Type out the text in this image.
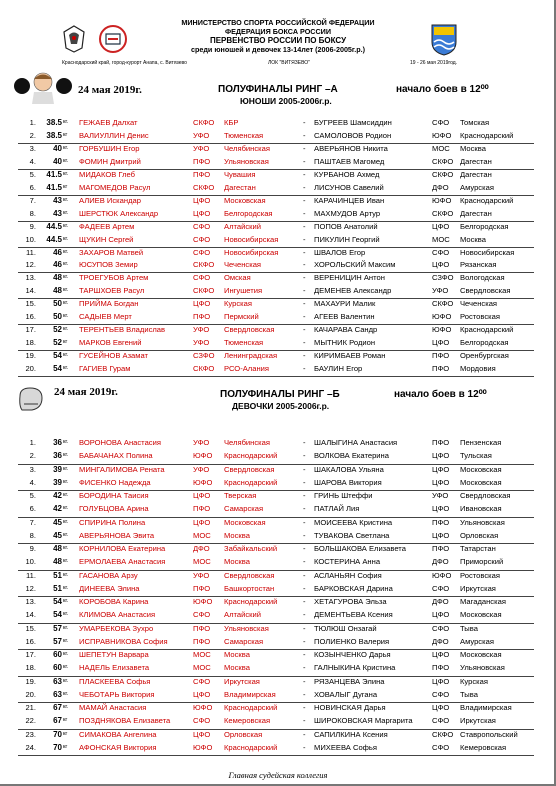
МИНИСТЕРСТВО СПОРТА РОССИЙСКОЙ ФЕДЕРАЦИИ
ФЕДЕРАЦИЯ БОКСА РОССИИ
ПЕРВЕНСТВО РОССИИ ПО БОКСУ
среди юношей и девочек 13-14лет (2006-2005г.р.)
Краснодарский край, город-курорт Анапа, с. Витязево	ЛОК "ВИТЯЗЕВО"	19 - 26 мая 2019год.
24 мая 2019г.	ПОЛУФИНАЛЫ РИНГ –А
ЮНОШИ 2005-2006г.р.
начало боев в 12⁰⁰
1.	38.5 кг.	ГЕЖАЕВ Далхат	СКФО	КБР	БУГРЕЕВ Шамсиддин	СФО	Томская
-
2.	38.5 кг	ВАЛИУЛЛИН Денис	УФО	Тюменская	САМОЛОВОВ Родион	ЮФО	Краснодарский
-
3.	40 кг.	ГОРБУШИН Егор	УФО	Челябинская	АВЕРЬЯНОВ Никита	МОС	Москва
-
4.	40 кг.	ФОМИН Дмитрий	ПФО	Ульяновская	ПАШТАЕВ Магомед	СКФО Дагестан
-
5.	41.5 кг.	МИДАКОВ Глеб	ПФО	Чувашия	КУРБАНОВ Ахмед	СКФО Дагестан
-
6.	41.5 кг	МАГОМЕДОВ Расул	СКФО	Дагестан	ЛИСУНОВ Савелий	ДФО	Амурская
-
7.	43 кг.	АЛИЕВ Искандар	ЦФО	Московская	КАРАЧИНЦЕВ Иван	ЮФО	Краснодарский
-
8.	43 кг.	ШЕРСТЮК Александр	ЦФО	Белгородская	МАХМУДОВ Артур	СКФО Дагестан
-
9.	44.5 кг.	ФАДЕЕВ Артем	СФО	Алтайский	ПОПОВ Анатолий	ЦФО	Белгородская
-
10.	44.5 кг.	ЩУКИН Сергей	СФО	Новосибирская	ПИКУЛИН Георгий	МОС	Москва
-
11.	46 кг.	ЗАХАРОВ Матвей	СФО	Новосибирская	ШВАЛОВ Егор	СФО	Новосибирская
-
12.	46 кг.	ЮСУПОВ Земир	СКФО	Чеченская	ХОРОЛЬСКИЙ Максим	ЦФО	Рязанская
-
13.	48 кг.	ТРОЕГУБОВ Артем	СФО	Омская	ВЕРЕНИЦИН Антон	СЗФО Вологодская
-
14.	48 кг.	ТАРШХОЕВ Расул	СКФО	Ингушетия	ДЕМЕНЕВ Александр	УФО	Свердловская
-
15.	50 кг.	ПРИЙМА Богдан	ЦФО	Курская	МАХАУРИ Малик	СКФО Чеченская
-
16.	50 кг.	САДЫЕВ Мерт	ПФО	Пермский	АГЕЕВ Валентин	ЮФО	Ростовская
-
17.	52 кг.	ТЕРЕНТЬЕВ Владислав	УФО	Свердловская	КАЧАРАВА Сандр	ЮФО	Краснодарский
-
18.	52 кг	МАРКОВ Евгений	УФО	Тюменская	МЫТНИК Родион	ЦФО	Белгородская
-
19.	54 кг.	ГУСЕЙНОВ Азамат	СЗФО	Ленинградская	КИРИМБАЕВ Роман	ПФО	Оренбургская
-
20.	54 кг.	ГАГИЕВ Гурам	СКФО	РСО-Алания	БАУЛИН Егор	ПФО	Мордовия
-
24 мая 2019г.	ПОЛУФИНАЛЫ РИНГ –Б
ДЕВОЧКИ 2005-2006г.р.
начало боев в 12⁰⁰
1.	36 кг.	ВОРОНОВА Анастасия	УФО	Челябинская	ШАЛЫГИНА Анастасия	ПФО	Пензенская
-
2.	36 кг.	БАБАЧАНАХ Полина	ЮФО	Краснодарский	ВОЛКОВА Екатерина	ЦФО	Тульская
-
3.	39 кг.	МИНГАЛИМОВА Рената	УФО	Свердловская	ШАКАЛОВА Ульяна	ЦФО	Московская
-
4.	39 кг.	ФИСЕНКО Надежда	ЮФО	Краснодарский	ШАРОВА Виктория	ЦФО	Московская
-
5.	42 кг.	БОРОДИНА Таисия	ЦФО	Тверская	ГРИНЬ Штеффи	УФО	Свердловская
-
6.	42 кг.	ГОЛУБЦОВА Арина	ПФО	Самарская	ПАТЛАЙ Лия	ЦФО	Ивановская
-
7.	45 кг.	СПИРИНА Полина	ЦФО	Московская	МОИСЕЕВА Кристина	ПФО	Ульяновская
-
8.	45 кг.	АВЕРЬЯНОВА Эвита	МОС	Москва	ТУВАКОВА Светлана	ЦФО	Орловская
-
9.	48 кг.	КОРНИЛОВА Екатерина	ДФО	Забайкальский	БОЛЬШАКОВА Елизавета	ПФО	Татарстан
-
10.	48 кг.	ЕРМОЛАЕВА Анастасия	МОС	Москва	КОСТЕРИНА Анна	ДФО	Приморский
-
11.	51 кг.	ГАСАНОВА Арзу	УФО	Свердловская	АСЛАНЬЯН София	ЮФО	Ростовская
-
12.	51 кг.	ДИНЕЕВА Элина	ПФО	Башкортостан	БАРКОВСКАЯ Дарина	СФО	Иркутская
-
13.	54 кг.	КОРОБОВА Карина	ЮФО	Краснодарский	ХЕТАГУРОВА Эльза	ДФО	Магаданская
-
14.	54 кг.	КЛИМОВА Анастасия	СФО	Алтайский	ДЕМЕНТЬЕВА Ксения	ЦФО	Московская
-
15.	57 кг.	УМАРБЕКОВА Зухро	ПФО	Ульяновская	ТЮЛЮШ Онзагай	СФО	Тыва
-
16.	57 кг.	ИСПРАВНИКОВА София	ПФО	Самарская	ПОЛИЕНКО Валерия	ДФО	Амурская
-
17.	60 кг.	ШЕПЕТУН Варвара	МОС	Москва	КОЗЫНЧЕНКО Дарья	ЦФО	Московская
-
18.	60 кг.	НАДЕЛЬ Елизавета	МОС	Москва	ГАЛНЫКИНА Кристина	ПФО	Ульяновская
-
19.	63 кг.	ПЛАСКЕЕВА Софья	СФО	Иркутская	РЯЗАНЦЕВА Элина	ЦФО	Курская
-
20.	63 кг.	ЧЕБОТАРЬ Виктория	ЦФО	Владимирская	ХОВАЛЫГ Дугана	СФО	Тыва
-
21.	67 кг.	МАМАЙ Анастасия	ЮФО	Краснодарский	НОВИНСКАЯ Дарья	ЦФО	Владимирская
-
22.	67 кг	ПОЗДНЯКОВА Елизавета	СФО	Кемеровская	ШИРОКОВСКАЯ Маргарита	СФО	Иркутская
-
23.	70 кг	СИМАКОВА Ангелина	ЦФО	Орловская	САПИЛКИНА Ксения	СКФО Ставропольский
-
24.	70 кг	АФОНСКАЯ Виктория	ЮФО	Краснодарский	МИХЕЕВА Софья	СФО	Кемеровская
-
Главная судейская коллегия
